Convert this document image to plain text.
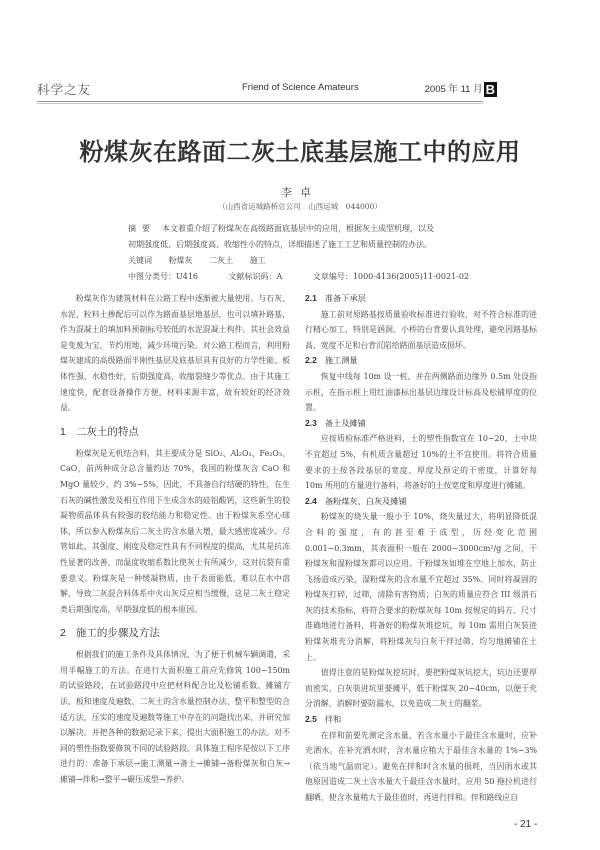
科学之友	Friend of Science Amateurs	2005 年 11 月 B
粉煤灰在路面二灰土底基层施工中的应用
李卓
（山西省运城路桥总公司　山西运城　044000）
摘要 本文着重介绍了粉煤灰在高级路面底基层中的应用，根据灰土成型机理，以及
初期强度低、后期强度高、收缩性小的特点，详细描述了施工工艺和质量控制的办法。
关键词 粉煤灰 二灰土 施工
中图分类号：U416	文献标识码：A	文章编号：1000-4136(2005)11-0021-02

粉煤灰作为建筑材料在公路工程中逐渐被大量使用。与石灰、水泥、粒料土掺配后可以作为路面基层地基层，也可以填补路基，作为混凝土的填加料预制标号较低的水泥混凝土构件。其社会效益是变废为宝，节约用地，减少环境污染。对公路工程而言，利用粉煤灰建成的高级路面半刚性基层及底基层具有良好的力学性能、板体性强、水稳性好，后期强度高，收缩裂缝少等优点。由于其施工速度快，配套设备操作方便，材料来源丰富，故有较好的经济效益。

1 二灰土的特点

粉煤灰是无机结合料，其主要成分是 SiO₂、Al₂O₃、Fe₂O₃、CaO，前两种成分总含量约达 70%，我国的粉煤灰含 CaO 和 MgO 量较少，约 3%~5%，因此，不具备自行结硬的特性，在生石灰的碱性激发及相互作用下生成含水的硅铝酸钙，这些新生的胶凝物质晶体具有较强的胶结能力和稳定性。由于粉煤灰系空心球体，所以参入粉煤灰后二灰土的含水量大增，最大感密度减少。尽管如此，其强度、刚度及稳定性具有不同程度的提高，尤其是抗冻性显著的改善，而温度收缩系数比使灰土有所减少，这对抗裂有重要意义。粉煤灰是一种缓凝物质，由于表面能低，难以在水中溶解，导致二灰混合料体系中火山灰反应相当缓慢，这是二灰土稳定类后期强度高，早期强度低的根本原因。

2 施工的步骤及方法

根据我们的施工条件及具体情况，为了便于机械车辆调遣，采用半幅施工的方法。在进行大面积施工前应先修筑 100~150m 的试验路段，在试验路段中应把材料配合比及松铺系数、摊铺方法、板和速度及遍数、二灰土的含水量控制办法、整平和整型的合适方法，压实的速度及遍数等施工中存在的问题找出来，并研究加以解决。并把各种的数据记录下来，提出大面积施工的办法。对不同的塑性指数要修筑不同的试验路段。具体施工程序是按以下工序进行的：准备下承层→施工测量→备土→摊铺→备粉煤灰和白灰→摊铺→拌和→整平→碾压成型→养护。

2.1 准备下承层

施工前对原路基按质量验收标准进行验收，对不符合标准的进行精心加工，特别是涵洞、小桥的台背要认真处理，避免因路基标高、宽度不足和台背沉陷给路面基层造成损坏。

2.2 施工测量

恢复中线每 10m 设一桩，并在两侧路面边缘外 0.5m 处设指示桩，在指示桩上用红油漆标出基层边缘设计标高及松铺厚度的位置。

2.3 备土及摊铺

应按质检标准严格进料，土的塑性指数宜在 10~20，土中块不宜超过 5%，有机质含量超过 10%的土不宜使用。将符合质量要求的土按各段基层的宽度、厚度及预定的干密度，计算好每 10m 所用的方量进行备料，将备好的土按宽度和厚度进行摊铺。

2.4 备粉煤灰、白灰及摊铺

粉煤灰的烧失量一般小于 10%，烧失量过大，将明显降低混合料的强度，有的甚至难于成型，历经变化范围 0.001~0.3mm，其表面积一般在 2000~3000cm²/g 之间，干粉煤灰和湿粉煤灰都可以应用。干粉煤灰如堆在空地上加水，防止飞扬造成污染，湿粉煤灰的含水量不宜超过 35%。同时将凝固的粉煤灰打碎，过筛，清除有害物质；白灰的质量应符合 III 级消石灰的技术指标，将符合要求的粉煤灰每 10m 按规定的码方、尺寸准确地进行备料，将备好的粉煤灰堆挖坑，每 10m 需用白灰装进粉煤灰堆充分消解，将粉煤灰与白灰干拌过筛，均匀地摊铺在土上。

值得注意的是粉煤灰挖坑时，要把粉煤灰坑挖大，坑边还要厚而密实，白灰装进坑里要摊平，低于粉煤灰 20~40cm，以便于充分消解，消解时要防漏水，以免造成二灰土的翻浆。

2.5 拌和

在拌和前要先测定含水量，若含水量小于最佳含水量时，应补充洒水。在补充洒水时，含水量应稍大于最佳含水量的 1%~3%（依当地气温而定）。避免在拌和时含水量的损耗，当因雨水或其他原因造成二灰土含水量大于最佳含水量时，应用 50 拖拉机进行翻晒，使含水量稍大于最佳值时，再进行拌和。拌和路线应自

- 21 -
